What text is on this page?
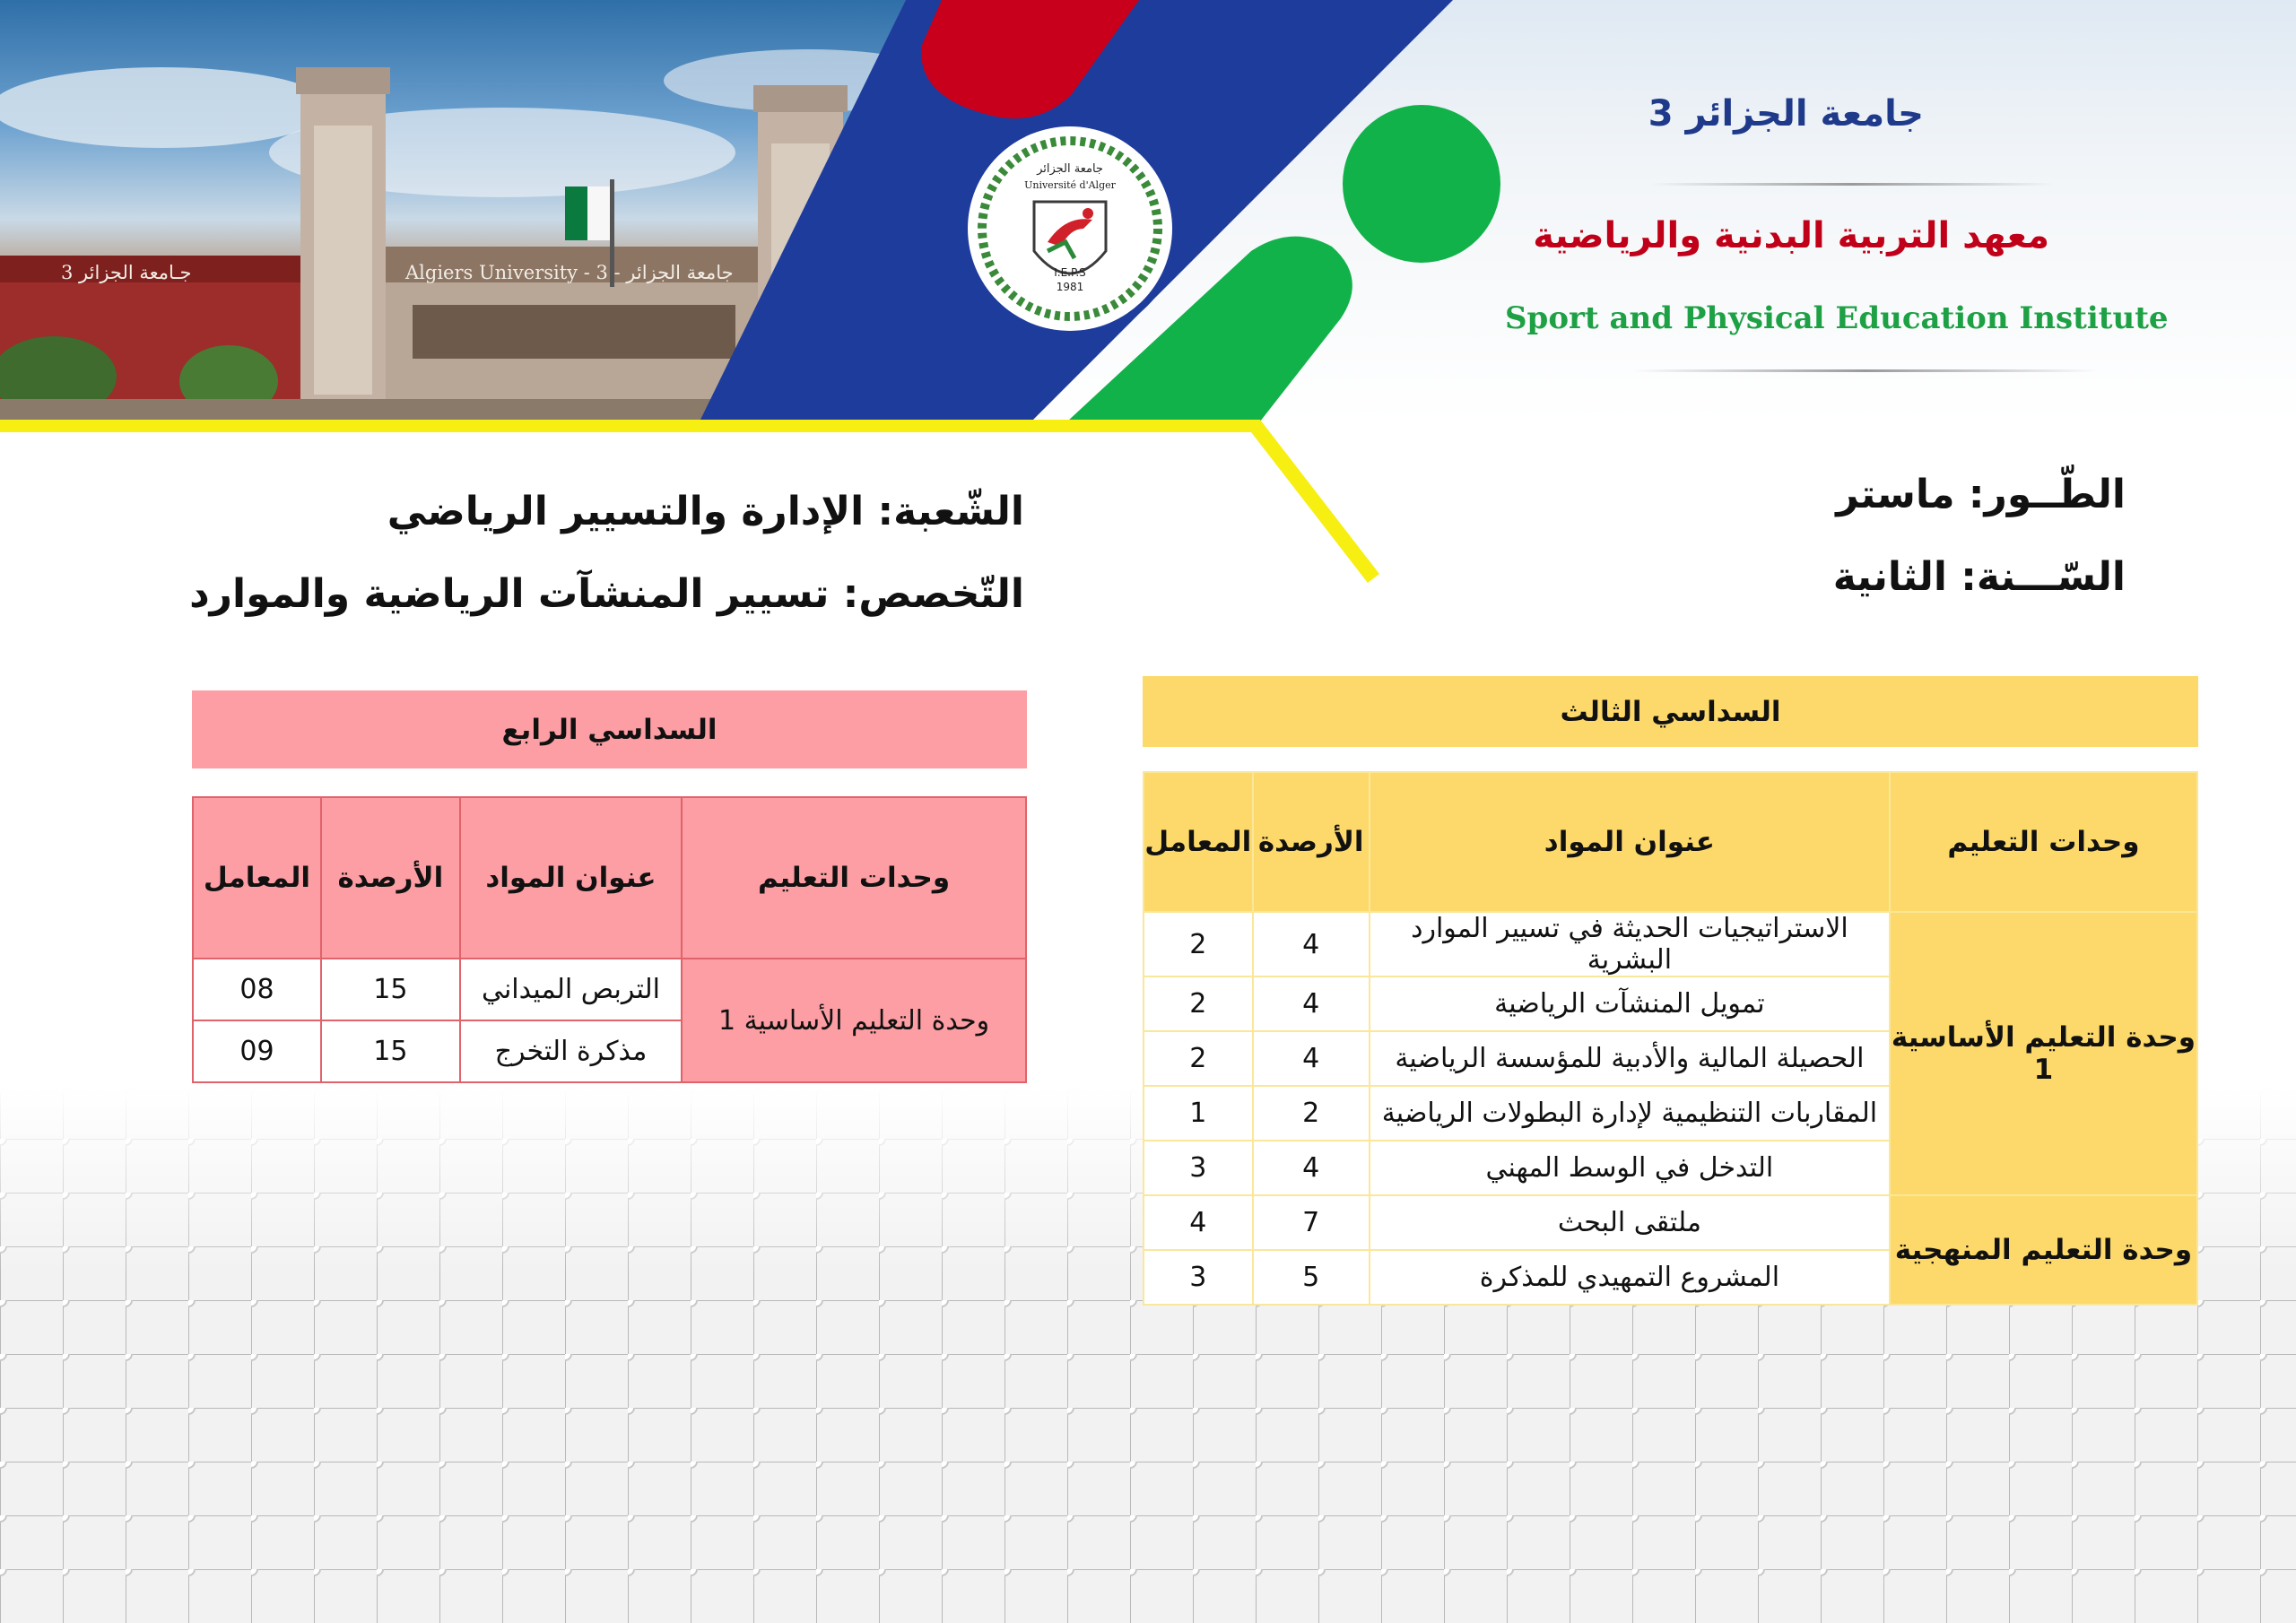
جـامعة الجزائر 3	Algiers University - 3 - جامعة الجزائر
جامعة الجزائر
Université d'Alger
I.E.P.S
1981
جامعة الجزائر 3
معهد التربية البدنية والرياضية
Sport and Physical Education Institute
الطّــور: ماستر
السّـــنة: الثانية
الشّعبة: الإدارة والتسيير الرياضي
التّخصص: تسيير المنشآت الرياضية والموارد
السداسي الثالث
وحدات التعليم	عنوان المواد	الأرصدة	المعامل
وحدة التعليم الأساسية 1	الاستراتيجيات الحديثة في تسيير الموارد البشرية	4	2
	تمويل المنشآت الرياضية	4	2
	الحصيلة المالية والأدبية للمؤسسة الرياضية	4	2
	المقاربات التنظيمية لإدارة البطولات الرياضية	2	1
	التدخل في الوسط المهني	4	3
وحدة التعليم المنهجية	ملتقى البحث	7	4
	المشروع التمهيدي للمذكرة	5	3
السداسي الرابع
وحدات التعليم	عنوان المواد	الأرصدة	المعامل
وحدة التعليم الأساسية 1	التربص الميداني	15	08
	مذكرة التخرج	15	09
